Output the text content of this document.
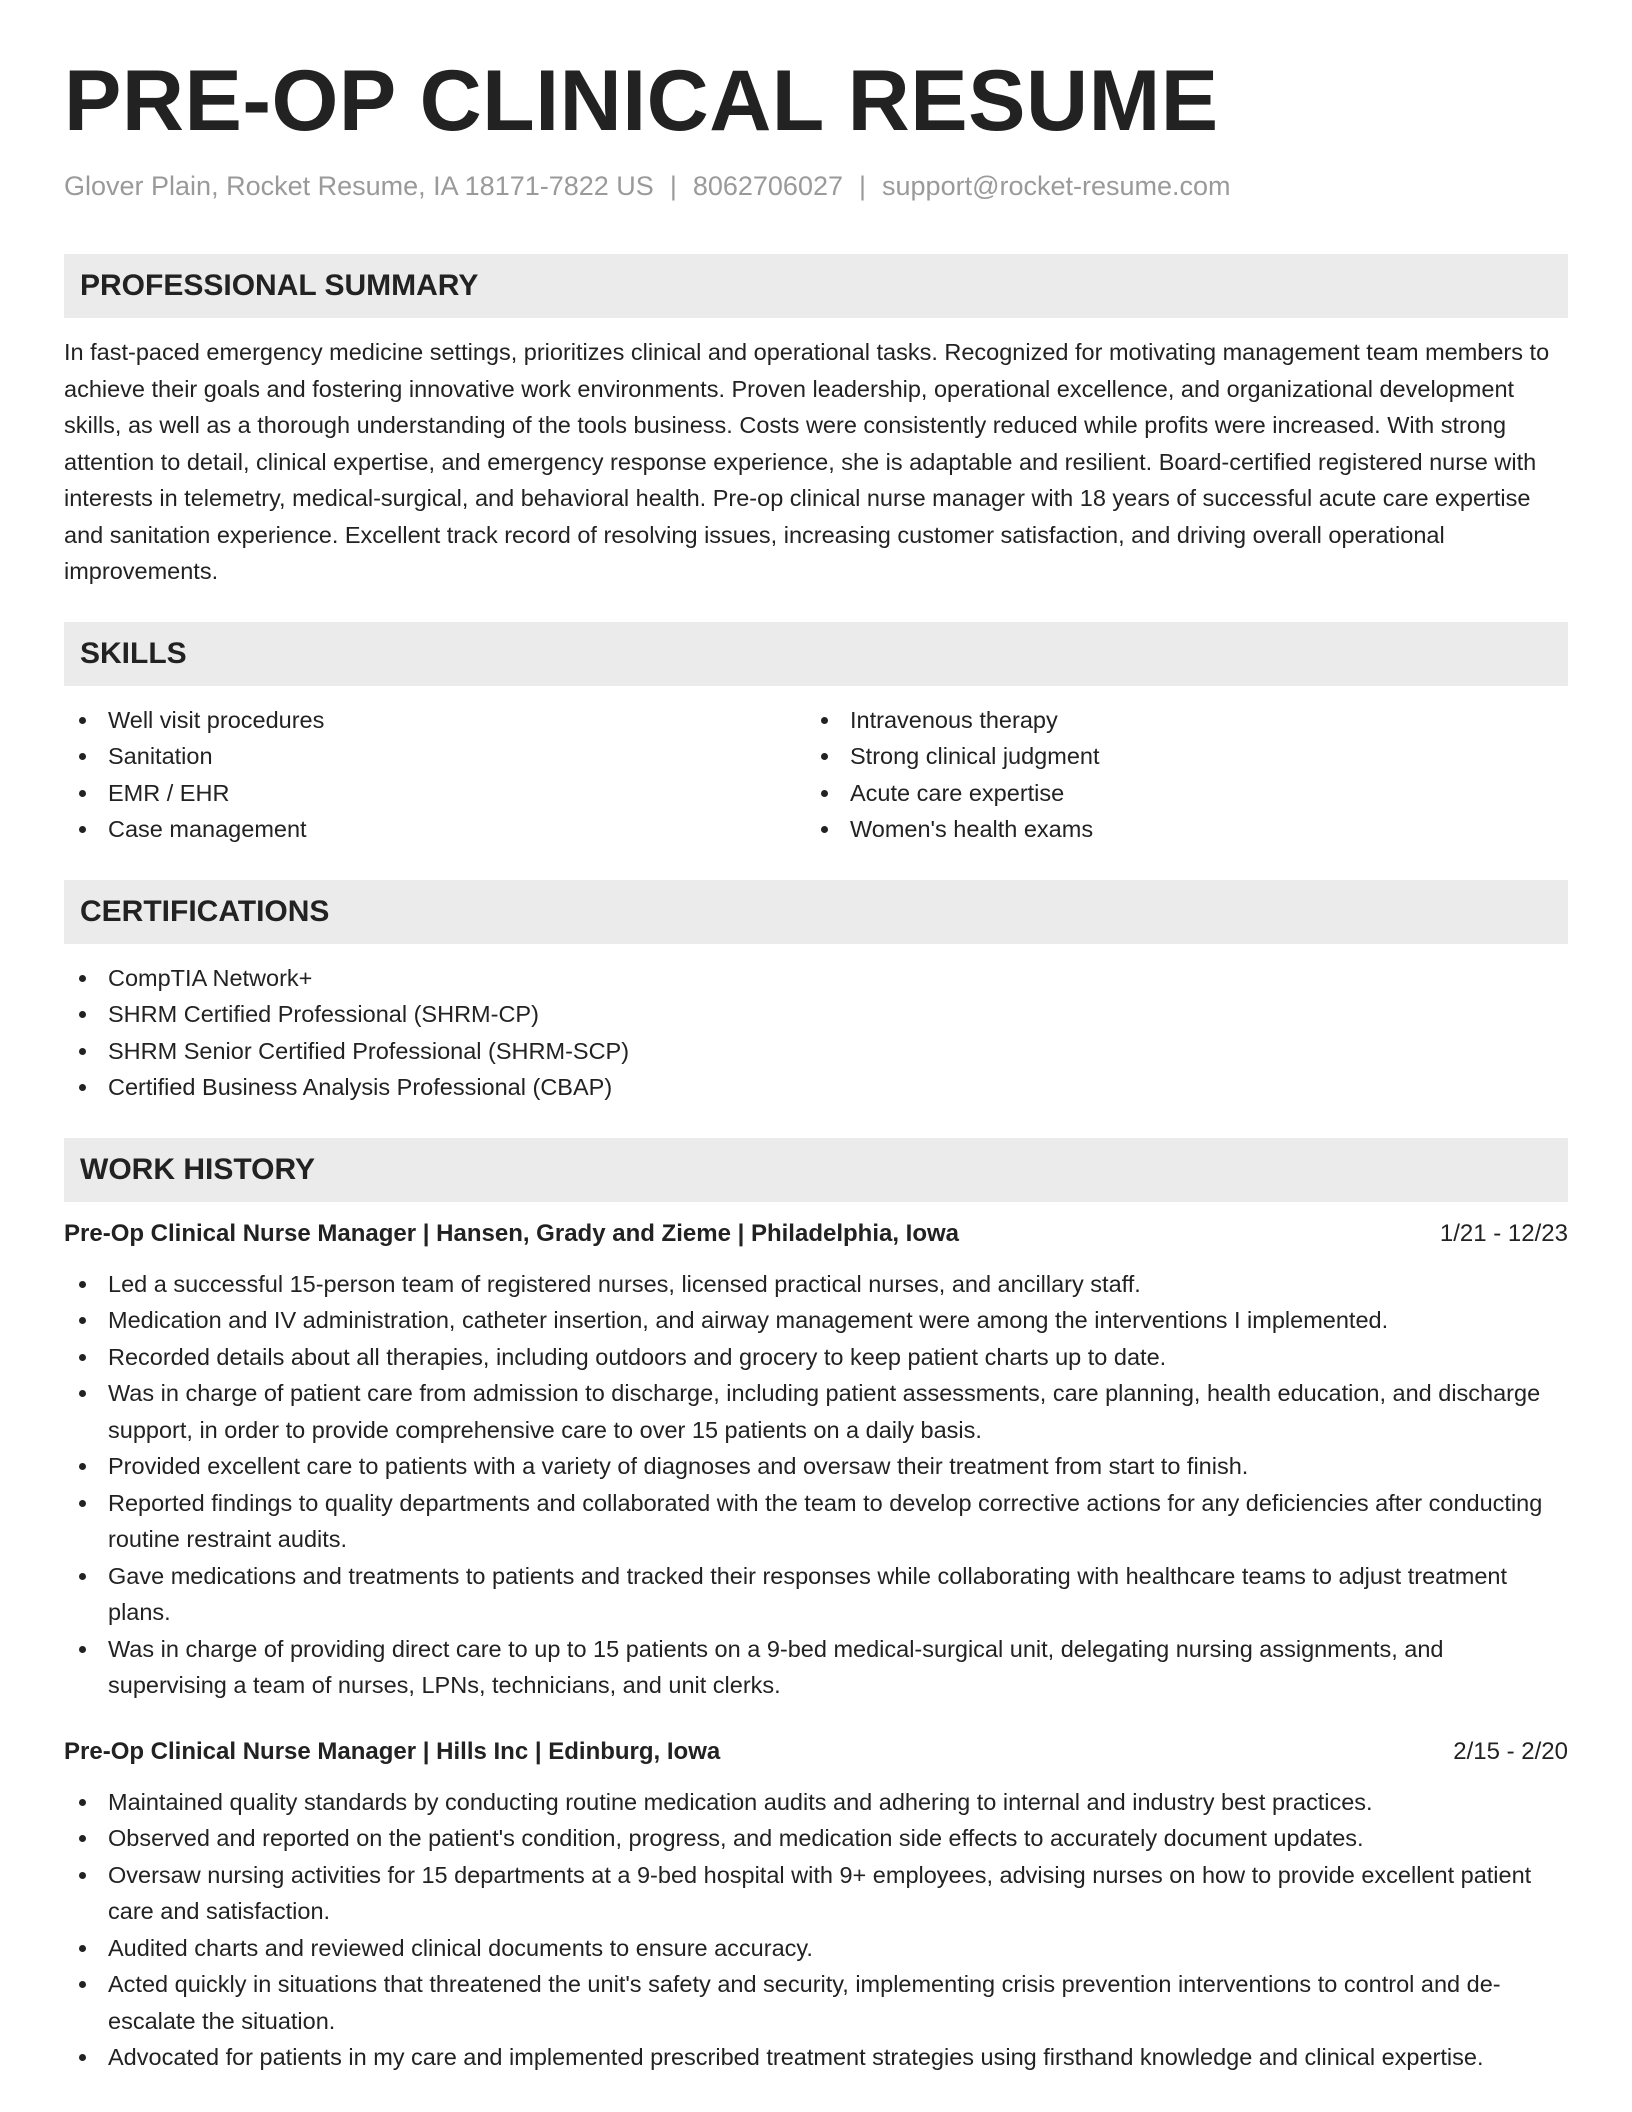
PRE-OP CLINICAL RESUME
Glover Plain, Rocket Resume, IA 18171-7822 US | 8062706027 | support@rocket-resume.com
PROFESSIONAL SUMMARY

In fast-paced emergency medicine settings, prioritizes clinical and operational tasks. Recognized for motivating management team members to achieve their goals and fostering innovative work environments. Proven leadership, operational excellence, and organizational development skills, as well as a thorough understanding of the tools business. Costs were consistently reduced while profits were increased. With strong attention to detail, clinical expertise, and emergency response experience, she is adaptable and resilient. Board-certified registered nurse with interests in telemetry, medical-surgical, and behavioral health. Pre-op clinical nurse manager with 18 years of successful acute care expertise and sanitation experience. Excellent track record of resolving issues, increasing customer satisfaction, and driving overall operational improvements.

SKILLS
Well visit procedures
Sanitation
EMR / EHR
Case management
Intravenous therapy
Strong clinical judgment
Acute care expertise
Women's health exams
CERTIFICATIONS
CompTIA Network+
SHRM Certified Professional (SHRM-CP)
SHRM Senior Certified Professional (SHRM-SCP)
Certified Business Analysis Professional (CBAP)
WORK HISTORY
Pre-Op Clinical Nurse Manager | Hansen, Grady and Zieme | Philadelphia, Iowa	1/21 - 12/23
Led a successful 15-person team of registered nurses, licensed practical nurses, and ancillary staff.
Medication and IV administration, catheter insertion, and airway management were among the interventions I implemented.
Recorded details about all therapies, including outdoors and grocery to keep patient charts up to date.
Was in charge of patient care from admission to discharge, including patient assessments, care planning, health education, and discharge support, in order to provide comprehensive care to over 15 patients on a daily basis.
Provided excellent care to patients with a variety of diagnoses and oversaw their treatment from start to finish.
Reported findings to quality departments and collaborated with the team to develop corrective actions for any deficiencies after conducting routine restraint audits.
Gave medications and treatments to patients and tracked their responses while collaborating with healthcare teams to adjust treatment plans.
Was in charge of providing direct care to up to 15 patients on a 9-bed medical-surgical unit, delegating nursing assignments, and supervising a team of nurses, LPNs, technicians, and unit clerks.
Pre-Op Clinical Nurse Manager | Hills Inc | Edinburg, Iowa	2/15 - 2/20
Maintained quality standards by conducting routine medication audits and adhering to internal and industry best practices.
Observed and reported on the patient's condition, progress, and medication side effects to accurately document updates.
Oversaw nursing activities for 15 departments at a 9-bed hospital with 9+ employees, advising nurses on how to provide excellent patient care and satisfaction.
Audited charts and reviewed clinical documents to ensure accuracy.
Acted quickly in situations that threatened the unit's safety and security, implementing crisis prevention interventions to control and de-escalate the situation.
Advocated for patients in my care and implemented prescribed treatment strategies using firsthand knowledge and clinical expertise.
